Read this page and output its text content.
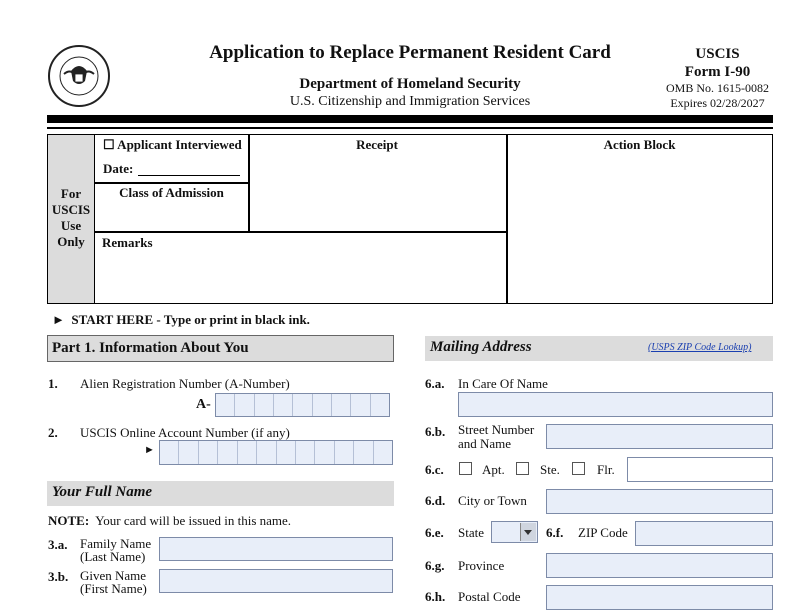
Application to Replace Permanent Resident Card
Department of Homeland Security
U.S. Citizenship and Immigration Services
USCIS
Form I-90
OMB No. 1615-0082
Expires 02/28/2027
For
USCIS
Use
Only
☐ Applicant Interviewed
Date:
Class of Admission
Receipt	Action Block
Remarks
► START HERE - Type or print in black ink.
Part 1. Information About You
1. Alien Registration Number (A-Number)
A-
2. USCIS Online Account Number (if any)
►
Your Full Name
NOTE: Your card will be issued in this name.
3.a. Family Name
(Last Name)
3.b. Given Name
(First Name)
Mailing Address	(USPS ZIP Code Lookup)
6.a. In Care Of Name
6.b. Street Number
and Name
6.c.	Apt.	Ste.	Flr.
6.d. City or Town
6.e. State	6.f. ZIP Code
6.g. Province
6.h. Postal Code
